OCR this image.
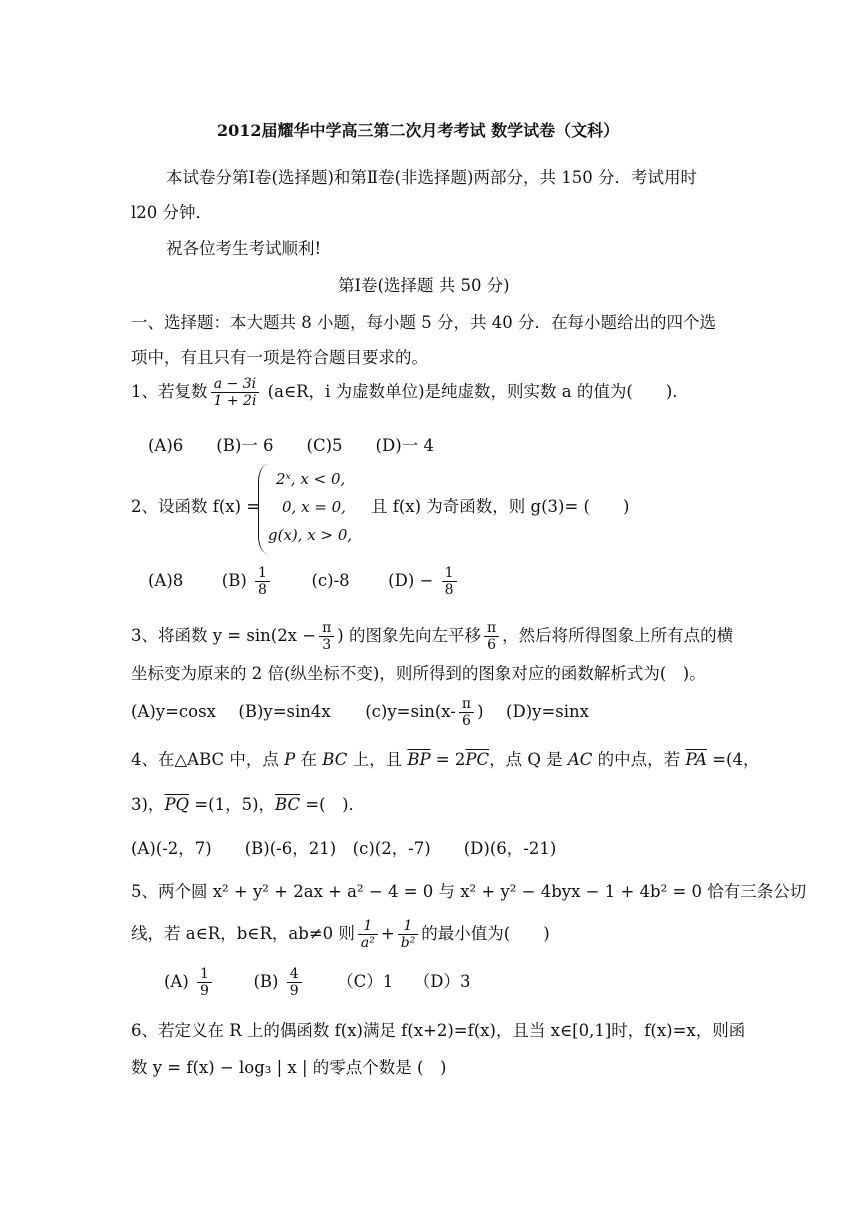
2012届耀华中学高三第二次月考考试 数学试卷（文科）
本试卷分第Ⅰ卷(选择题)和第Ⅱ卷(非选择题)两部分，共 150 分．考试用时
l20 分钟．
祝各位考生考试顺利!
第Ⅰ卷(选择题 共 50 分)
一、选择题：本大题共 8 小题，每小题 5 分，共 40 分．在每小题给出的四个选
项中，有且只有一项是符合题目要求的。
1、若复数 $\frac{a - 3i}{1 + 2i}$ (a∈R，i 为虚数单位)是纯虚数，则实数 a 的值为(　　)．
(A)6　　(B)一 6　　(C)5　　(D)一 4
2、设函数 f(x) =
2ˣ, x < 0,
0, x = 0,
g(x), x > 0,
且 f(x) 为奇函数，则 g(3)= (　　)
(A)8 $(B) \frac{1}{8}$	(c)-8 $(D) - \frac{1}{8}$
3、将函数 $y = \sin(2x - \frac{\pi}{3}$ ) 的图象先向左平移 $\frac{\pi}{6}$ ，然后将所得图象上所有点的横
坐标变为原来的 2 倍(纵坐标不变)，则所得到的图象对应的函数解析式为(　)。
(A)y=cosx (B)y=sin4x $(c)y=\sin(x- \frac{\pi}{6}$ ) (D)y=sinx
4、在△ABC 中，点 P 在 BC 上，且 $\overline{BP} = 2\overline{PC}$，点 Q 是 AC 的中点，若 $\overline{PA} =(4$，
3)，$\overline{PQ} =(1$，5)，$\overline{BC}$ =(　)．
(A)(-2，7)　　(B)(-6，21)　(c)(2，-7)　　(D)(6，-21)
5、两个圆 x² + y² + 2ax + a² − 4 = 0 与 x² + y² − 4byx − 1 + 4b² = 0 恰有三条公切
线，若 a∈R，b∈R，ab≠0 则 $\frac{1}{\text{a²}} + \frac{1}{\text{b²}}$ 的最小值为(　　)
$(A) \frac{1}{9}$	$(B) \frac{4}{9} (C)1$ （D）3
6、若定义在 R 上的偶函数 f(x)满足 f(x+2)=f(x)，且当 x∈[0,1]时，f(x)=x，则函
数 y = f(x) − log₃ | x | 的零点个数是 (　)
